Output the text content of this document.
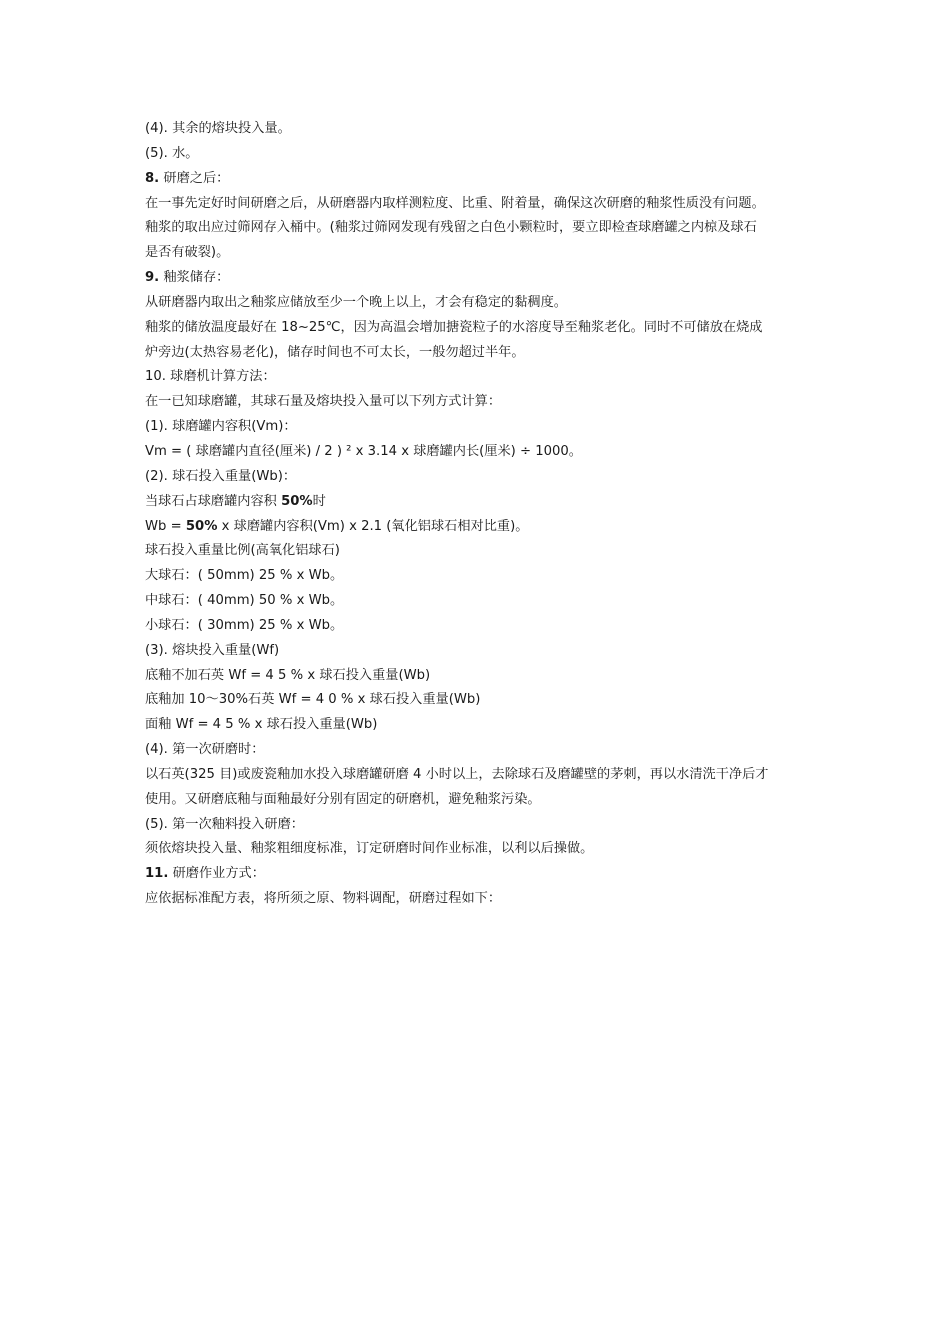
(4). 其余的熔块投入量。
(5). 水。
8. 研磨之后：
在一事先定好时间研磨之后，从研磨器内取样测粒度、比重、附着量，确保这次研磨的釉浆性质没有问题。
釉浆的取出应过筛网存入桶中。(釉浆过筛网发现有残留之白色小颗粒时，要立即检查球磨罐之内椋及球石
是否有破裂)。
9. 釉浆储存：
从研磨器内取出之釉浆应储放至少一个晚上以上，才会有稳定的黏稠度。
釉浆的储放温度最好在 18~25℃，因为高温会增加搪瓷粒子的水溶度导至釉浆老化。同时不可储放在烧成
炉旁边(太热容易老化)，储存时间也不可太长，一般勿超过半年。
10. 球磨机计算方法：
在一已知球磨罐，其球石量及熔块投入量可以下列方式计算：
(1). 球磨罐内容积(Vm)：
Vm = ( 球磨罐内直径(厘米) / 2 ) ² x 3.14 x 球磨罐内长(厘米) ÷ 1000。
(2). 球石投入重量(Wb)：
当球石占球磨罐内容积 50%时
Wb = 50% x 球磨罐内容积(Vm) x 2.1 (氧化铝球石相对比重)。
球石投入重量比例(高氧化铝球石)
大球石：( 50mm) 25 % x Wb。
中球石：( 40mm) 50 % x Wb。
小球石：( 30mm) 25 % x Wb。
(3). 熔块投入重量(Wf)
底釉不加石英 Wf = 4 5 % x 球石投入重量(Wb)
底釉加 10～30%石英 Wf = 4 0 % x 球石投入重量(Wb)
面釉 Wf = 4 5 % x 球石投入重量(Wb)
(4). 第一次研磨时：
以石英(325 目)或废瓷釉加水投入球磨罐研磨 4 小时以上，去除球石及磨罐壁的茅刺，再以水清洗干净后才
使用。又研磨底釉与面釉最好分别有固定的研磨机，避免釉浆污染。
(5). 第一次釉料投入研磨：
须依熔块投入量、釉浆粗细度标准，订定研磨时间作业标准，以利以后操做。
11. 研磨作业方式：
应依据标准配方表，将所须之原、物料调配，研磨过程如下：
